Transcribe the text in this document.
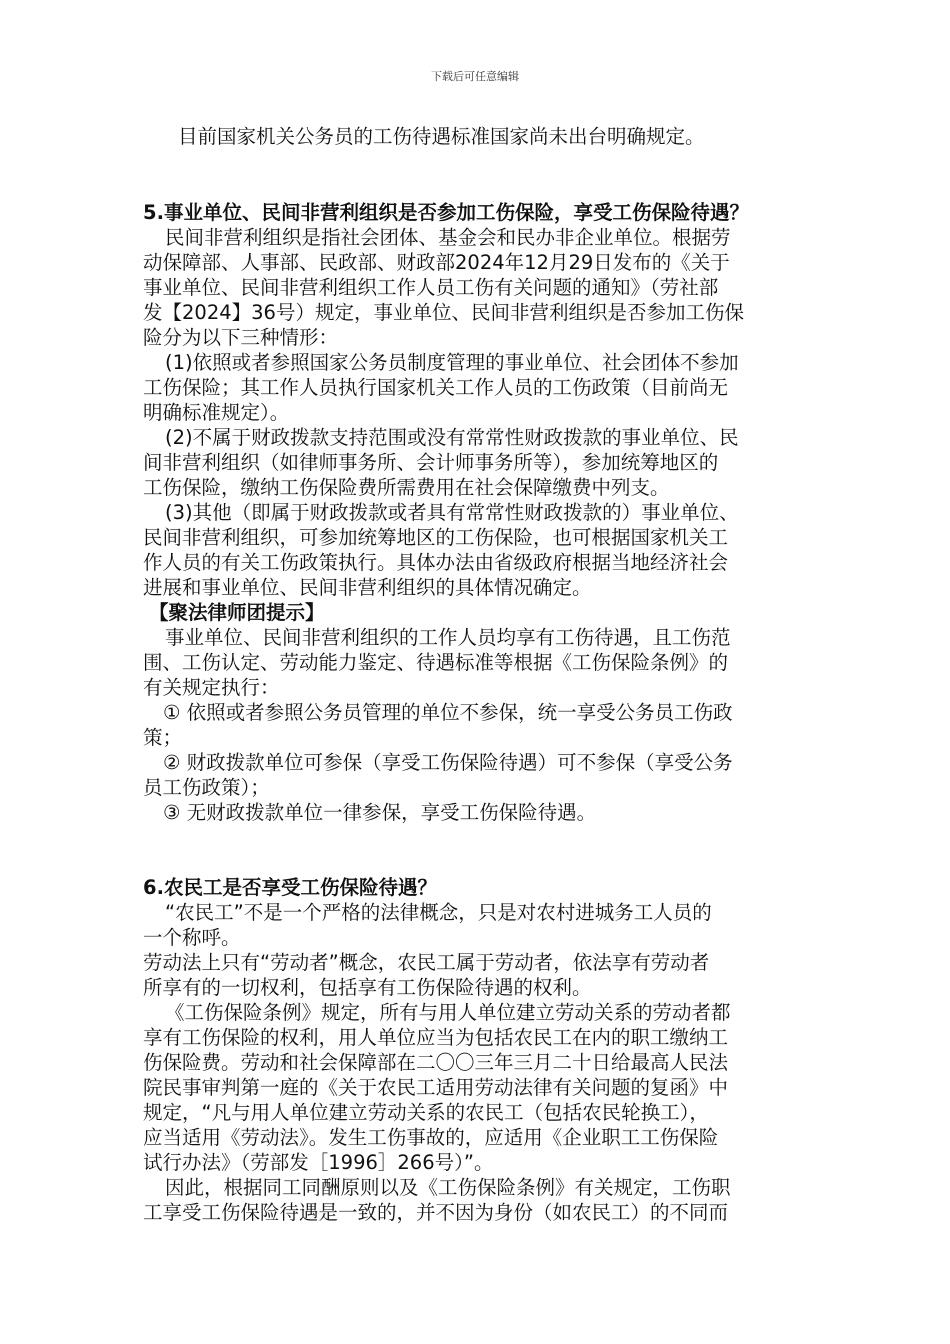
下载后可任意编辑
目前国家机关公务员的工伤待遇标准国家尚未出台明确规定。
5.事业单位、民间非营利组织是否参加工伤保险，享受工伤保险待遇？
民间非营利组织是指社会团体、基金会和民办非企业单位。根据劳
动保障部、人事部、民政部、财政部2024年12月29日发布的《关于
事业单位、民间非营利组织工作人员工伤有关问题的通知》（劳社部
发【2024】36号）规定，事业单位、民间非营利组织是否参加工伤保
险分为以下三种情形：
(1)依照或者参照国家公务员制度管理的事业单位、社会团体不参加
工伤保险；其工作人员执行国家机关工作人员的工伤政策（目前尚无
明确标准规定）。
(2)不属于财政拨款支持范围或没有常常性财政拨款的事业单位、民
间非营利组织（如律师事务所、会计师事务所等），参加统筹地区的
工伤保险，缴纳工伤保险费所需费用在社会保障缴费中列支。
(3)其他（即属于财政拨款或者具有常常性财政拨款的）事业单位、
民间非营利组织，可参加统筹地区的工伤保险，也可根据国家机关工
作人员的有关工伤政策执行。具体办法由省级政府根据当地经济社会
进展和事业单位、民间非营利组织的具体情况确定。
【聚法律师团提示】
事业单位、民间非营利组织的工作人员均享有工伤待遇，且工伤范
围、工伤认定、劳动能力鉴定、待遇标准等根据《工伤保险条例》的
有关规定执行：
① 依照或者参照公务员管理的单位不参保，统一享受公务员工伤政
策；
② 财政拨款单位可参保（享受工伤保险待遇）可不参保（享受公务
员工伤政策）；
③ 无财政拨款单位一律参保，享受工伤保险待遇。
6.农民工是否享受工伤保险待遇？
“农民工”不是一个严格的法律概念，只是对农村进城务工人员的
一个称呼。
劳动法上只有“劳动者”概念，农民工属于劳动者，依法享有劳动者
所享有的一切权利，包括享有工伤保险待遇的权利。
《工伤保险条例》规定，所有与用人单位建立劳动关系的劳动者都
享有工伤保险的权利，用人单位应当为包括农民工在内的职工缴纳工
伤保险费。劳动和社会保障部在二〇〇三年三月二十日给最高人民法
院民事审判第一庭的《关于农民工适用劳动法律有关问题的复函》中
规定，“凡与用人单位建立劳动关系的农民工（包括农民轮换工），
应当适用《劳动法》。发生工伤事故的，应适用《企业职工工伤保险
试行办法》（劳部发［1996］266号）”。
因此，根据同工同酬原则以及《工伤保险条例》有关规定，工伤职
工享受工伤保险待遇是一致的，并不因为身份（如农民工）的不同而
